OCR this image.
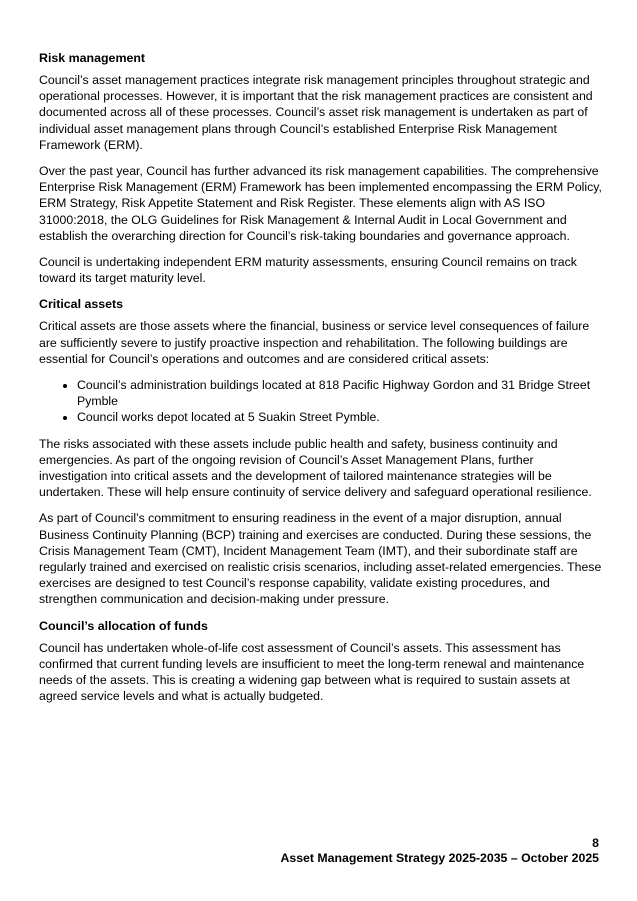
Risk management

Council’s asset management practices integrate risk management principles throughout strategic and operational processes. However, it is important that the risk management practices are consistent and documented across all of these processes. Council’s asset risk management is undertaken as part of individual asset management plans through Council’s established Enterprise Risk Management Framework (ERM).

Over the past year, Council has further advanced its risk management capabilities. The comprehensive Enterprise Risk Management (ERM) Framework has been implemented encompassing the ERM Policy, ERM Strategy, Risk Appetite Statement and Risk Register. These elements align with AS ISO 31000:2018, the OLG Guidelines for Risk Management & Internal Audit in Local Government and establish the overarching direction for Council’s risk-taking boundaries and governance approach.

Council is undertaking independent ERM maturity assessments, ensuring Council remains on track toward its target maturity level.

Critical assets

Critical assets are those assets where the financial, business or service level consequences of failure are sufficiently severe to justify proactive inspection and rehabilitation. The following buildings are essential for Council’s operations and outcomes and are considered critical assets:

• Council’s administration buildings located at 818 Pacific Highway Gordon and 31 Bridge Street Pymble
• Council works depot located at 5 Suakin Street Pymble.

The risks associated with these assets include public health and safety, business continuity and emergencies. As part of the ongoing revision of Council’s Asset Management Plans, further investigation into critical assets and the development of tailored maintenance strategies will be undertaken. These will help ensure continuity of service delivery and safeguard operational resilience.

As part of Council’s commitment to ensuring readiness in the event of a major disruption, annual Business Continuity Planning (BCP) training and exercises are conducted. During these sessions, the Crisis Management Team (CMT), Incident Management Team (IMT), and their subordinate staff are regularly trained and exercised on realistic crisis scenarios, including asset-related emergencies. These exercises are designed to test Council’s response capability, validate existing procedures, and strengthen communication and decision-making under pressure.

Council’s allocation of funds

Council has undertaken whole-of-life cost assessment of Council’s assets. This assessment has confirmed that current funding levels are insufficient to meet the long-term renewal and maintenance needs of the assets. This is creating a widening gap between what is required to sustain assets at agreed service levels and what is actually budgeted.

8
Asset Management Strategy 2025-2035 – October 2025
